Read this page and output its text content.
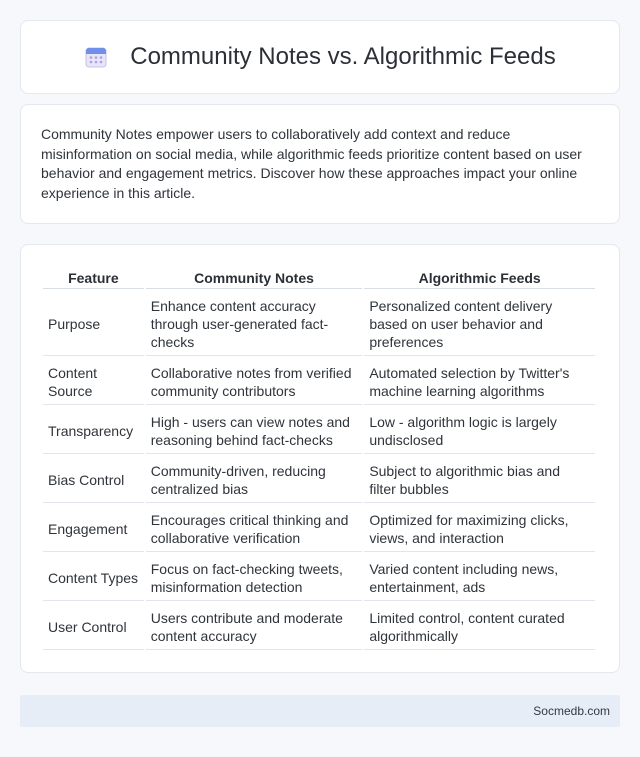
Community Notes vs. Algorithmic Feeds

Community Notes empower users to collaboratively add context and reduce misinformation on social media, while algorithmic feeds prioritize content based on user behavior and engagement metrics. Discover how these approaches impact your online experience in this article.

Feature	Community Notes	Algorithmic Feeds
Purpose	Enhance content accuracy through user-generated fact-checks	Personalized content delivery based on user behavior and preferences
Content Source	Collaborative notes from verified community contributors	Automated selection by Twitter's machine learning algorithms
Transparency	High - users can view notes and reasoning behind fact-checks	Low - algorithm logic is largely undisclosed
Bias Control	Community-driven, reducing centralized bias	Subject to algorithmic bias and filter bubbles
Engagement	Encourages critical thinking and collaborative verification	Optimized for maximizing clicks, views, and interaction
Content Types	Focus on fact-checking tweets, misinformation detection	Varied content including news, entertainment, ads
User Control	Users contribute and moderate content accuracy	Limited control, content curated algorithmically
Socmedb.com
